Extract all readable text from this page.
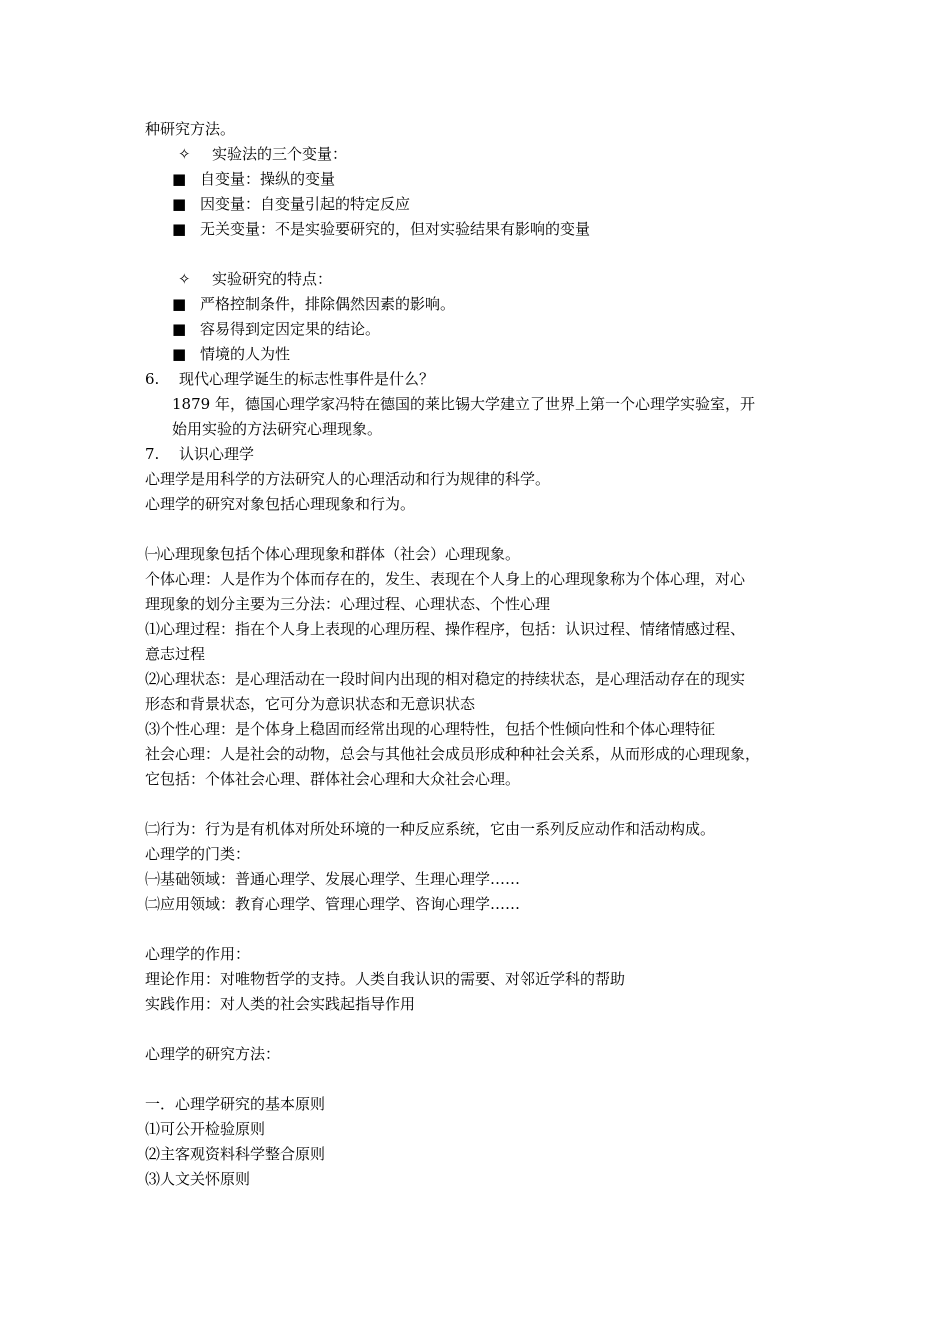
种研究方法。
✧ 实验法的三个变量：
■ 自变量：操纵的变量
■ 因变量：自变量引起的特定反应
■ 无关变量：不是实验要研究的，但对实验结果有影响的变量
✧ 实验研究的特点：
■ 严格控制条件，排除偶然因素的影响。
■ 容易得到定因定果的结论。
■ 情境的人为性
6. 现代心理学诞生的标志性事件是什么？
1879 年，德国心理学家冯特在德国的莱比锡大学建立了世界上第一个心理学实验室，开
始用实验的方法研究心理现象。
7. 认识心理学
心理学是用科学的方法研究人的心理活动和行为规律的科学。
心理学的研究对象包括心理现象和行为。
㈠心理现象包括个体心理现象和群体（社会）心理现象。
个体心理：人是作为个体而存在的，发生、表现在个人身上的心理现象称为个体心理，对心
理现象的划分主要为三分法：心理过程、心理状态、个性心理
⑴心理过程：指在个人身上表现的心理历程、操作程序，包括：认识过程、情绪情感过程、
意志过程
⑵心理状态：是心理活动在一段时间内出现的相对稳定的持续状态，是心理活动存在的现实
形态和背景状态，它可分为意识状态和无意识状态
⑶个性心理：是个体身上稳固而经常出现的心理特性，包括个性倾向性和个体心理特征
社会心理：人是社会的动物，总会与其他社会成员形成种种社会关系，从而形成的心理现象，
它包括：个体社会心理、群体社会心理和大众社会心理。
㈡行为：行为是有机体对所处环境的一种反应系统，它由一系列反应动作和活动构成。
心理学的门类：
㈠基础领域：普通心理学、发展心理学、生理心理学……
㈡应用领域：教育心理学、管理心理学、咨询心理学……
心理学的作用：
理论作用：对唯物哲学的支持。人类自我认识的需要、对邻近学科的帮助
实践作用：对人类的社会实践起指导作用
心理学的研究方法：
一．心理学研究的基本原则
⑴可公开检验原则
⑵主客观资料科学整合原则
⑶人文关怀原则
